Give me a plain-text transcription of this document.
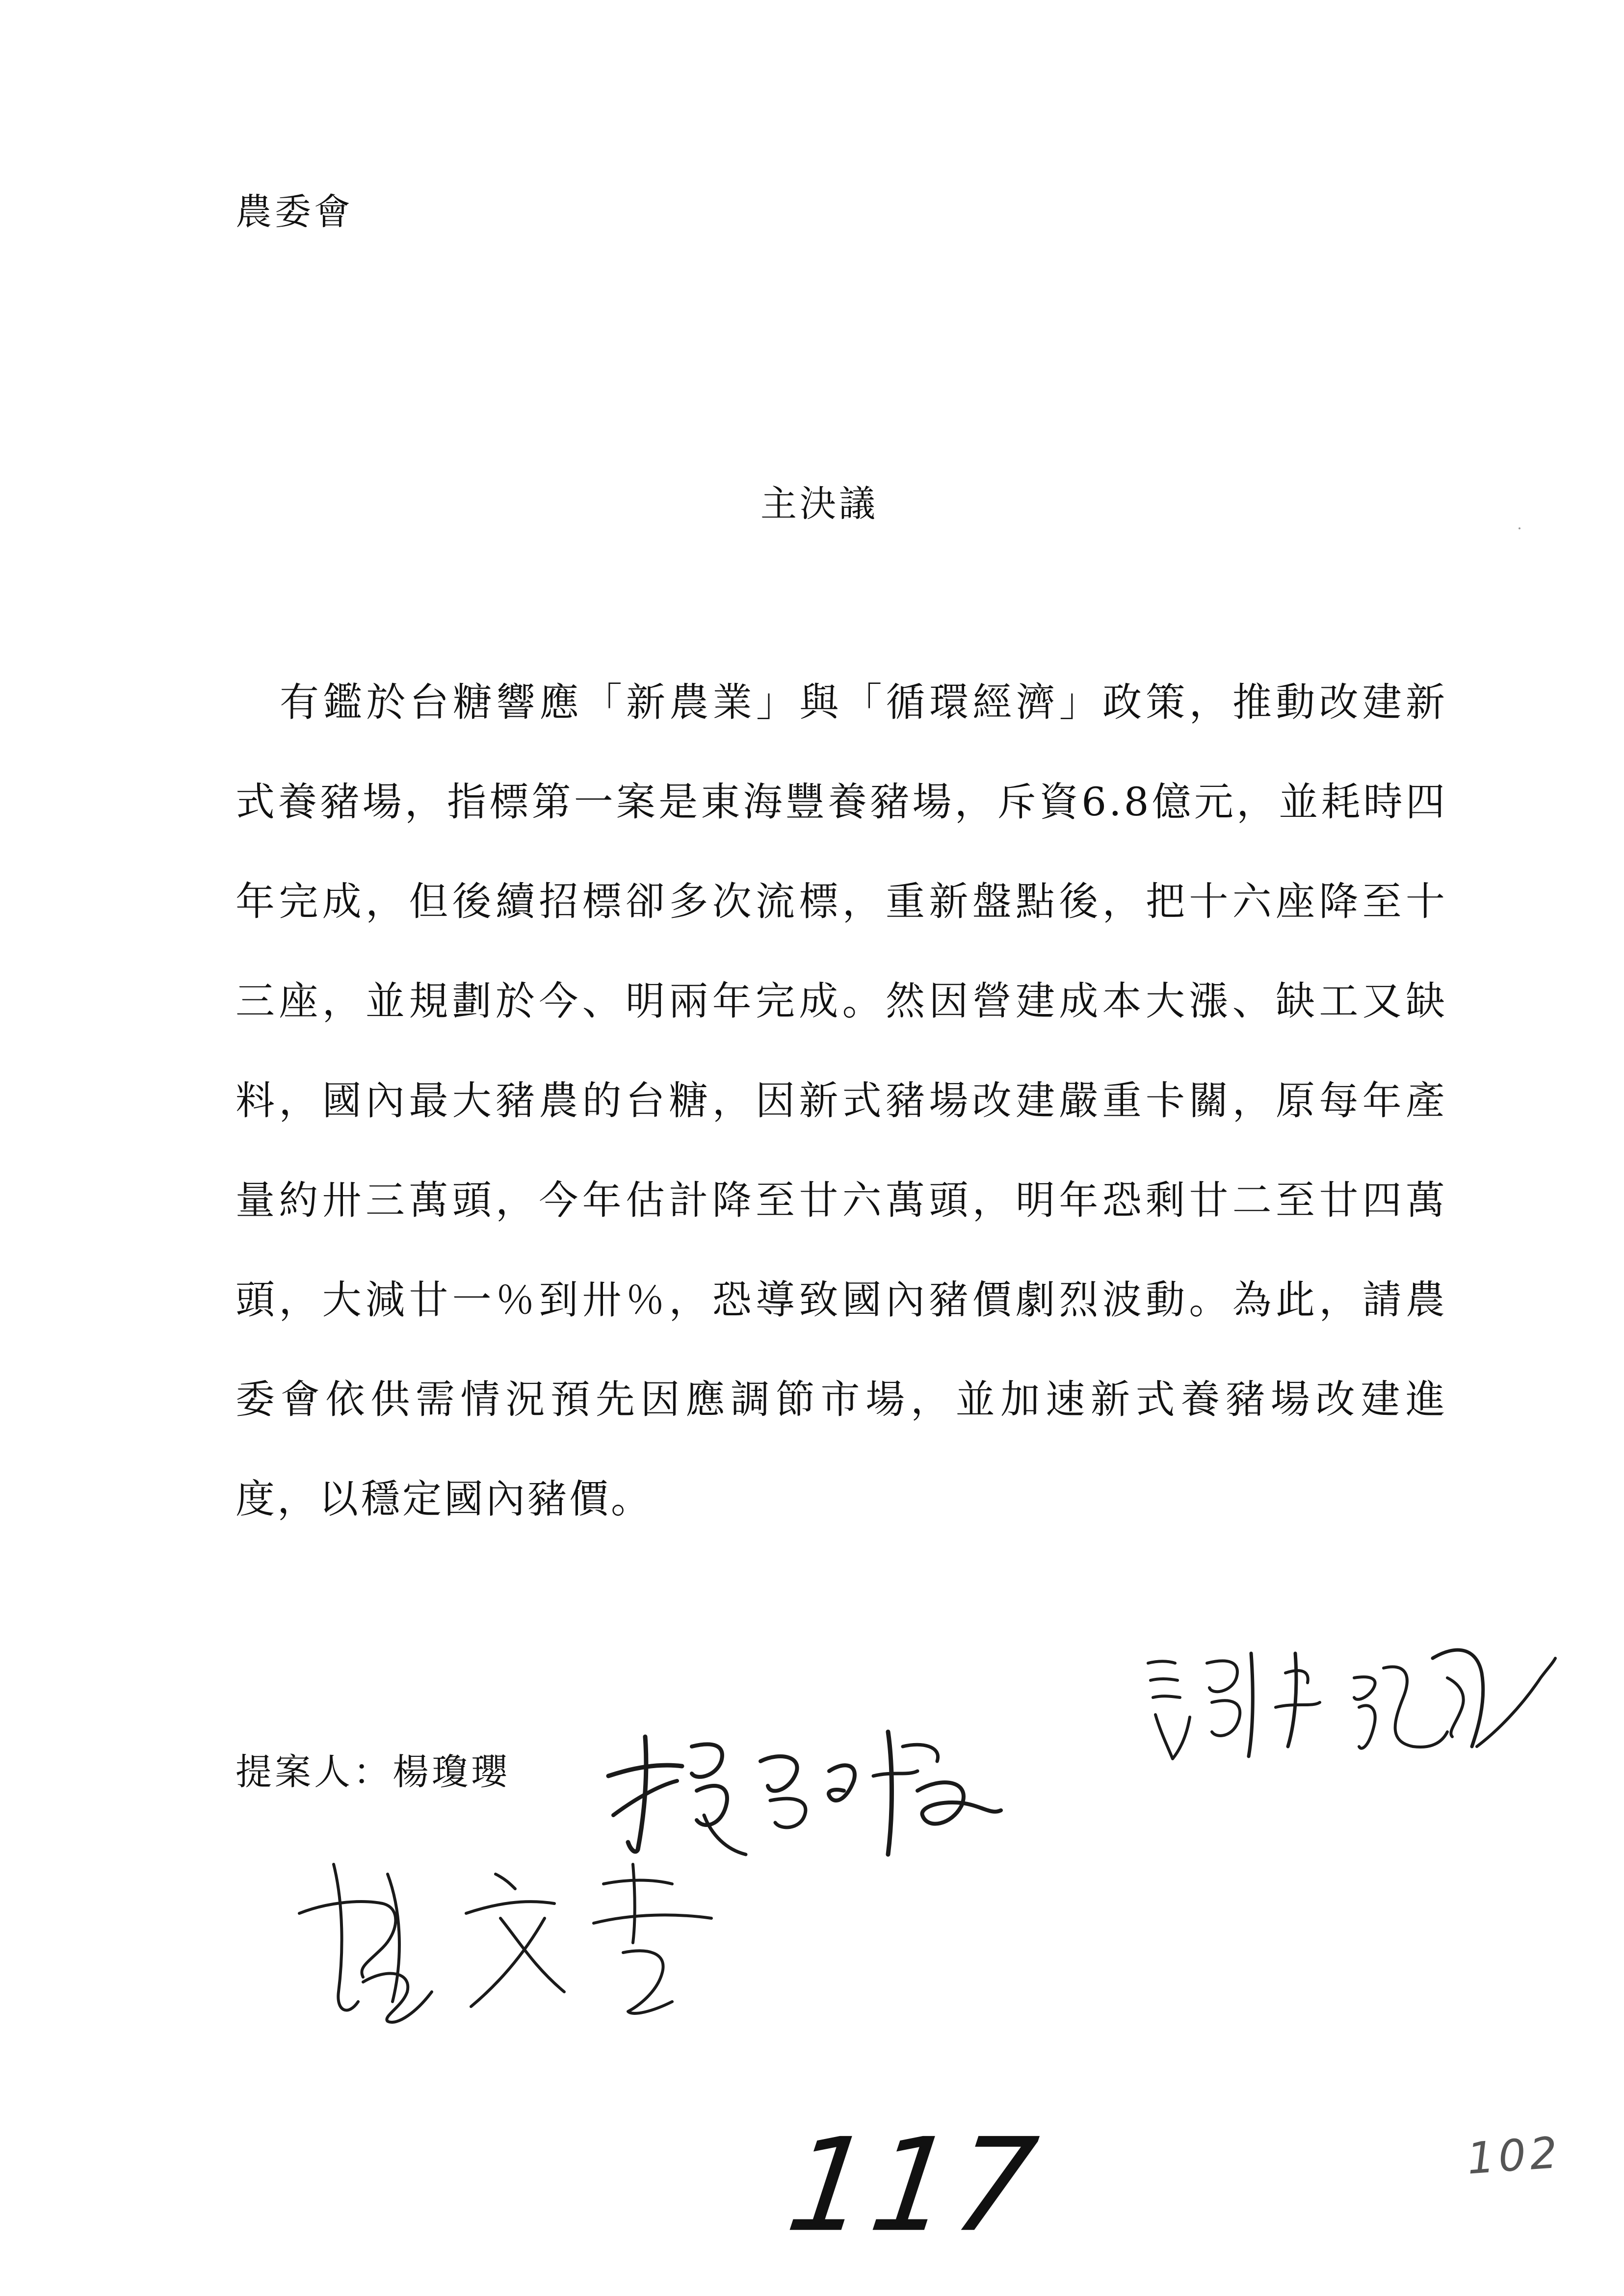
農委會
主決議
有鑑於台糖響應「新農業」與「循環經濟」政策，推動改建新
式養豬場，指標第一案是東海豐養豬場，斥資6.8億元，並耗時四
年完成，但後續招標卻多次流標，重新盤點後，把十六座降至十
三座，並規劃於今、明兩年完成。然因營建成本大漲、缺工又缺
料，國內最大豬農的台糖，因新式豬場改建嚴重卡關，原每年產
量約卅三萬頭，今年估計降至廿六萬頭，明年恐剩廿二至廿四萬
頭，大減廿一％到卅％，恐導致國內豬價劇烈波動。為此，請農
委會依供需情況預先因應調節市場，並加速新式養豬場改建進
度，以穩定國內豬價。
提案人：楊瓊瓔
117	102
